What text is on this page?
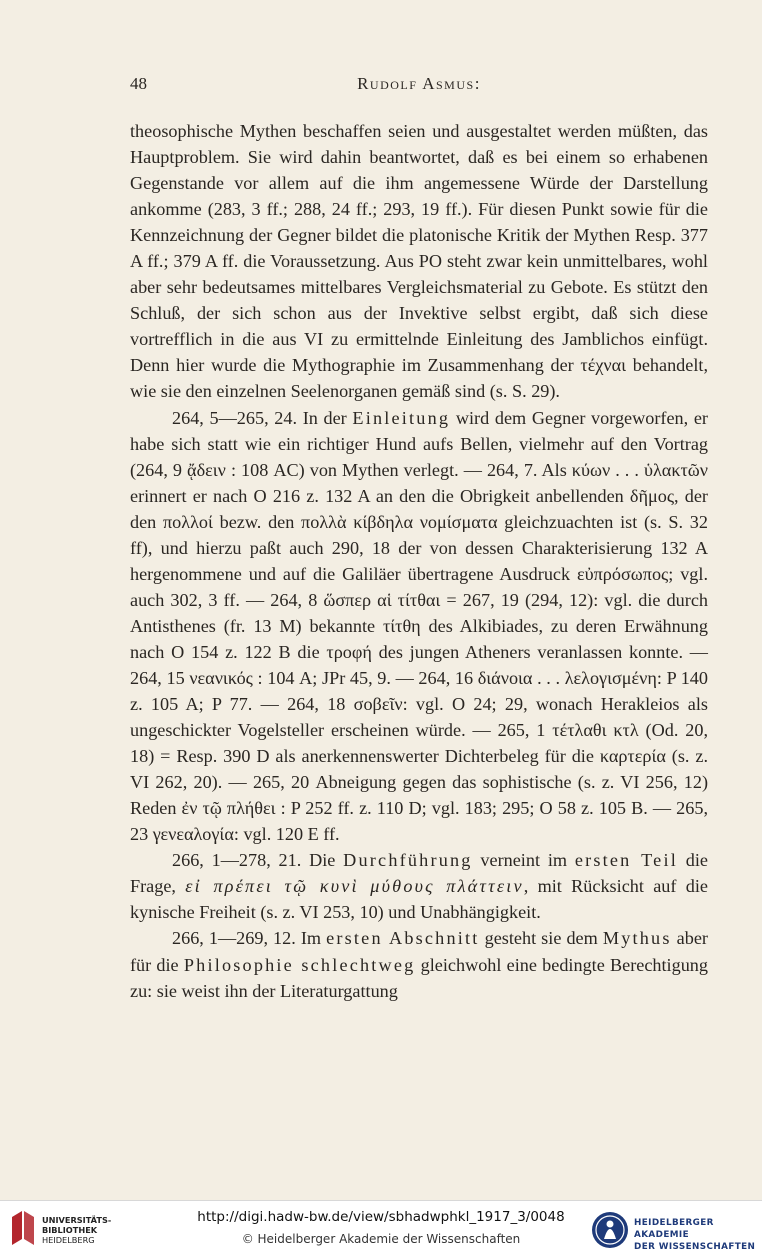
48	Rudolf Asmus:

theosophische Mythen beschaffen seien und ausgestaltet werden müßten, das Hauptproblem. Sie wird dahin beantwortet, daß es bei einem so erhabenen Gegenstande vor allem auf die ihm angemessene Würde der Darstellung ankomme (283, 3 ff.; 288, 24 ff.; 293, 19 ff.). Für diesen Punkt sowie für die Kennzeichnung der Gegner bildet die platonische Kritik der Mythen Resp. 377 A ff.; 379 A ff. die Voraussetzung. Aus PO steht zwar kein unmittelbares, wohl aber sehr bedeutsames mittelbares Vergleichsmaterial zu Gebote. Es stützt den Schluß, der sich schon aus der Invektive selbst ergibt, daß sich diese vortrefflich in die aus VI zu ermittelnde Einleitung des Jamblichos einfügt. Denn hier wurde die Mythographie im Zusammenhang der τέχναι behandelt, wie sie den einzelnen Seelenorganen gemäß sind (s. S. 29).

264, 5—265, 24. In der Einleitung wird dem Gegner vorgeworfen, er habe sich statt wie ein richtiger Hund aufs Bellen, vielmehr auf den Vortrag (264, 9 ᾄδειν : 108 AC) von Mythen verlegt. — 264, 7. Als κύων . . . ὑλακτῶν erinnert er nach O 216 z. 132 A an den die Obrigkeit anbellenden δῆμος, der den πολλοί bezw. den πολλὰ κίβδηλα νομίσματα gleichzuachten ist (s. S. 32 ff), und hierzu paßt auch 290, 18 der von dessen Charakterisierung 132 A hergenommene und auf die Galiläer übertragene Ausdruck εὐπρόσωπος; vgl. auch 302, 3 ff. — 264, 8 ὥσπερ αἱ τίτθαι = 267, 19 (294, 12): vgl. die durch Antisthenes (fr. 13 M) bekannte τίτθη des Alkibiades, zu deren Erwähnung nach O 154 z. 122 B die τροφή des jungen Atheners veranlassen konnte. — 264, 15 νεανικός : 104 A; JPr 45, 9. — 264, 16 διάνοια . . . λελογισμένη: P 140 z. 105 A; P 77. — 264, 18 σοβεῖν: vgl. O 24; 29, wonach Herakleios als ungeschickter Vogelsteller erscheinen würde. — 265, 1 τέτλαθι κτλ (Od. 20, 18) = Resp. 390 D als anerkennenswerter Dichterbeleg für die καρτερία (s. z. VI 262, 20). — 265, 20 Abneigung gegen das sophistische (s. z. VI 256, 12) Reden ἐν τῷ πλήθει : P 252 ff. z. 110 D; vgl. 183; 295; O 58 z. 105 B. — 265, 23 γενεαλογία: vgl. 120 E ff.

266, 1—278, 21. Die Durchführung verneint im ersten Teil die Frage, εἰ πρέπει τῷ κυνὶ μύθους πλάττειν, mit Rücksicht auf die kynische Freiheit (s. z. VI 253, 10) und Unabhängigkeit.

266, 1—269, 12. Im ersten Abschnitt gesteht sie dem Mythus aber für die Philosophie schlechtweg gleichwohl eine bedingte Berechtigung zu: sie weist ihn der Literaturgattung

UNIVERSITÄTS-
BIBLIOTHEK
HEIDELBERG
http://digi.hadw-bw.de/view/sbhadwphkl_1917_3/0048
© Heidelberger Akademie der Wissenschaften
HEIDELBERGER AKADEMIE
DER WISSENSCHAFTEN
